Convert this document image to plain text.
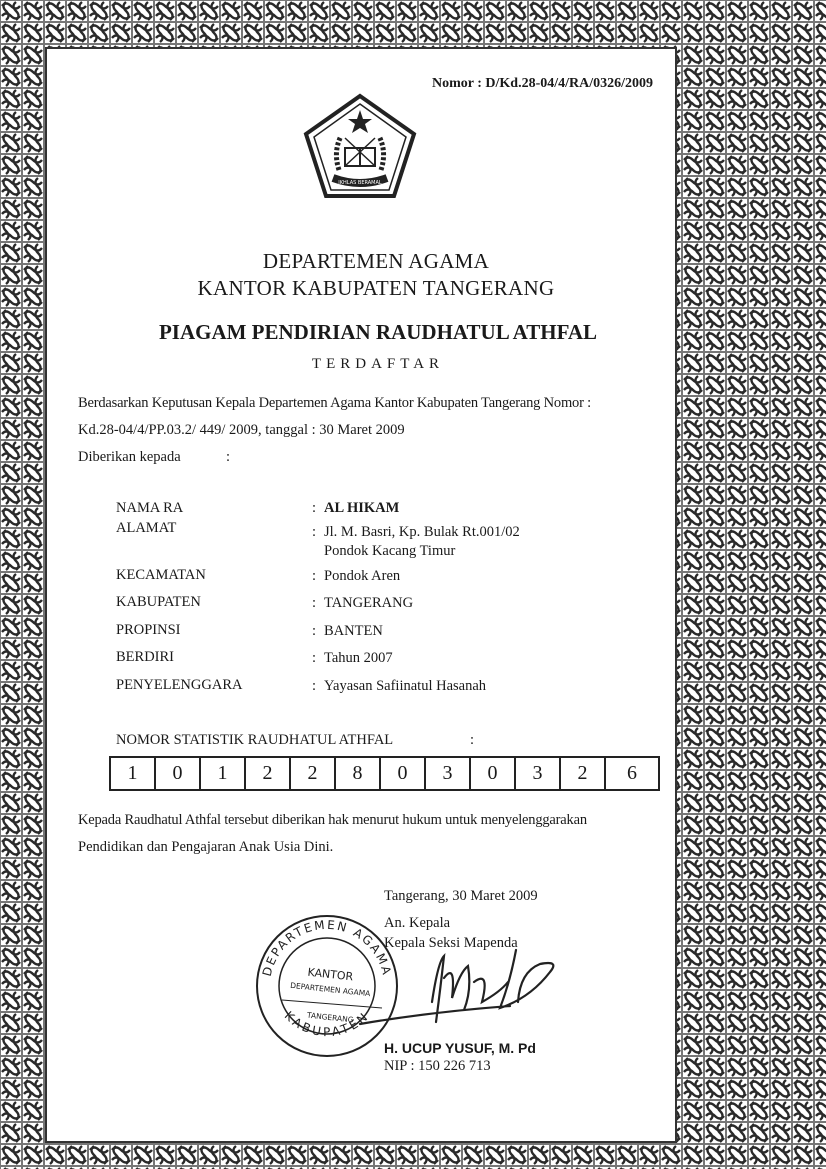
Nomor : D/Kd.28-04/4/RA/0326/2009
IKHLAS BERAMAL
DEPARTEMEN AGAMA
KANTOR KABUPATEN TANGERANG
PIAGAM PENDIRIAN RAUDHATUL ATHFAL
TERDAFTAR
Berdasarkan Keputusan Kepala Departemen Agama Kantor Kabupaten Tangerang Nomor :
Kd.28-04/4/PP.03.2/ 449/ 2009, tanggal : 30 Maret 2009
Diberikan kepada	:
NAMA RA	: AL HIKAM
ALAMAT	: Jl. M. Basri, Kp. Bulak Rt.001/02
Pondok Kacang Timur
KECAMATAN	: Pondok Aren
KABUPATEN	: TANGERANG
PROPINSI	: BANTEN
BERDIRI	: Tahun 2007
PENYELENGGARA	: Yayasan Safiinatul Hasanah
NOMOR STATISTIK RAUDHATUL ATHFAL	:
1	0	1	2	2	8	0	3	0	3	2	6
Kepada Raudhatul Athfal tersebut diberikan hak menurut hukum untuk menyelenggarakan
Pendidikan dan Pengajaran Anak Usia Dini.
Tangerang, 30 Maret 2009
An. Kepala
Kepala Seksi Mapenda
DEPARTEMEN AGAMA
KABUPATEN
KANTOR
DEPARTEMEN AGAMA
TANGERANG
H. UCUP YUSUF, M. Pd
NIP : 150 226 713
